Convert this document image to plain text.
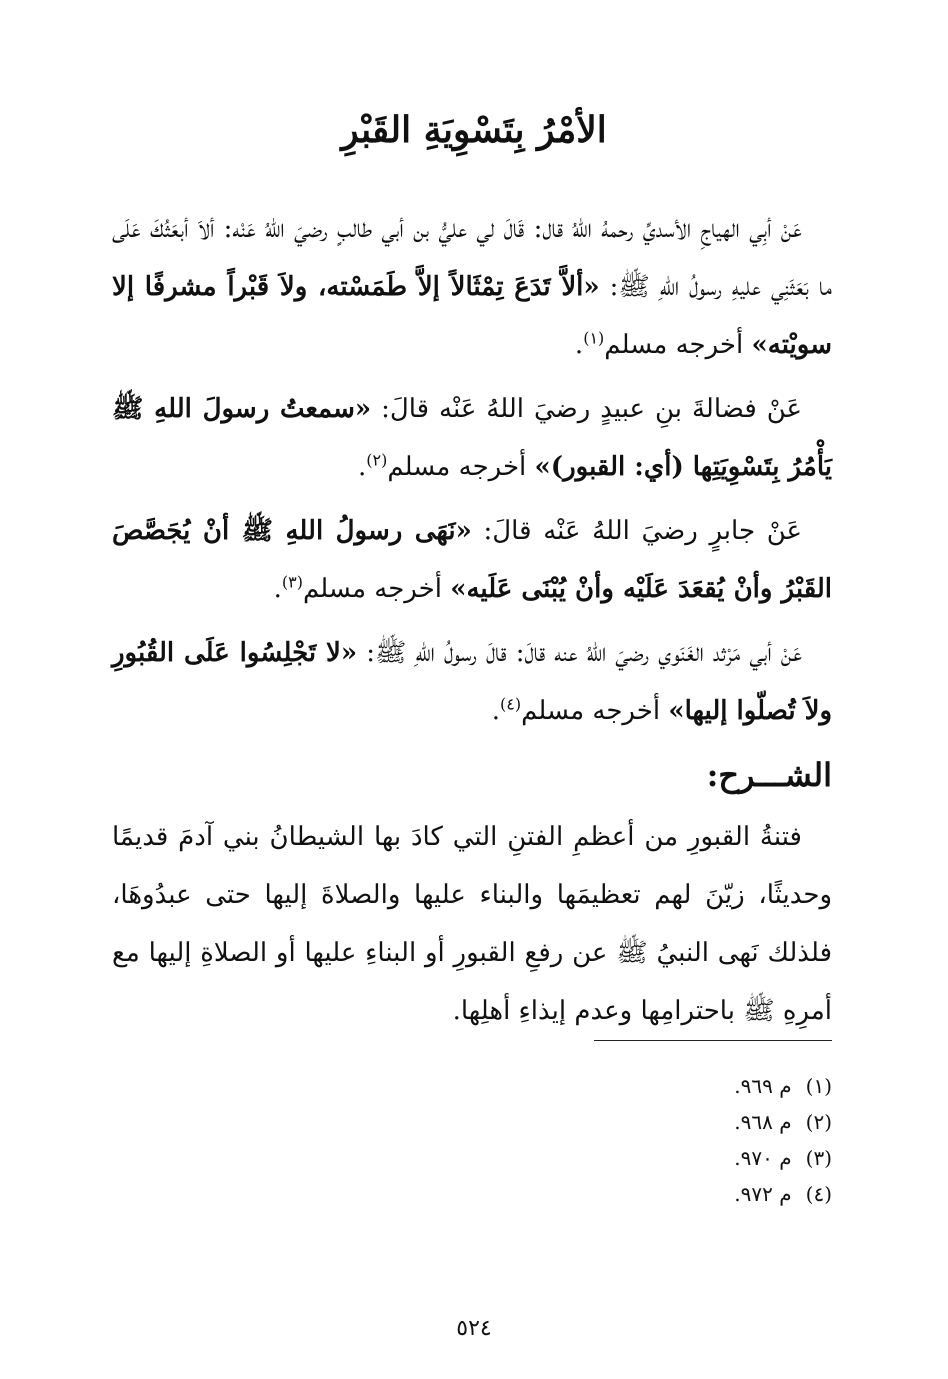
الأمْرُ بِتَسْوِيَةِ القَبْرِ

عَنْ أبِي الهياجِ الأسديِّ رحمهُ اللهُ قال: قَالَ لي عليُّ بن أبي طالبٍ رضيَ اللهُ عَنْه: ألاَ أبعَثُكَ عَلَى ما بَعَثَنِي عليهِ رسولُ اللهِ ﷺ: «ألاَّ تَدَعَ تِمْثَالاً إلاَّ طَمَسْته، ولاَ قَبْراً مشرفًا إلا سويْته» أخرجه مسلم$^{(١)}$.

عَنْ فضالةَ بنِ عبيدٍ رضيَ اللهُ عَنْه قالَ: «سمعتُ رسولَ اللهِ ﷺ يَأْمُرُ بِتَسْوِيَتِها (أي: القبور)» أخرجه مسلم$^{(٢)}$.

عَنْ جابرٍ رضيَ اللهُ عَنْه قالَ: «نَهَى رسولُ اللهِ ﷺ أنْ يُجَصَّصَ القَبْرُ وأنْ يُقعَدَ عَلَيْه وأنْ يُبْنَى عَلَيه» أخرجه مسلم$^{(٣)}$.

عَنْ أبي مَرْثد الغَنَوي رضيَ اللهُ عنه قالَ: قالَ رسولُ اللهِ ﷺ: «لا تَجْلِسُوا عَلَى القُبُورِ ولاَ تُصلّوا إليها» أخرجه مسلم$^{(٤)}$.

الشـــرح:

فتنةُ القبورِ من أعظمِ الفتنِ التي كادَ بها الشيطانُ بني آدمَ قديمًا وحديثًا، زيّنَ لهم تعظيمَها والبناء عليها والصلاةَ إليها حتى عبدُوهَا، فلذلك نَهى النبيُ ﷺ عن رفعِ القبورِ أو البناءِ عليها أو الصلاةِ إليها مع أمرِهِ ﷺ باحترامِها وعدم إيذاءِ أهلِها.

(١)م ٩٦٩.
(٢)م ٩٦٨.
(٣)م ٩٧٠.
(٤)م ٩٧٢.
٥٢٤
